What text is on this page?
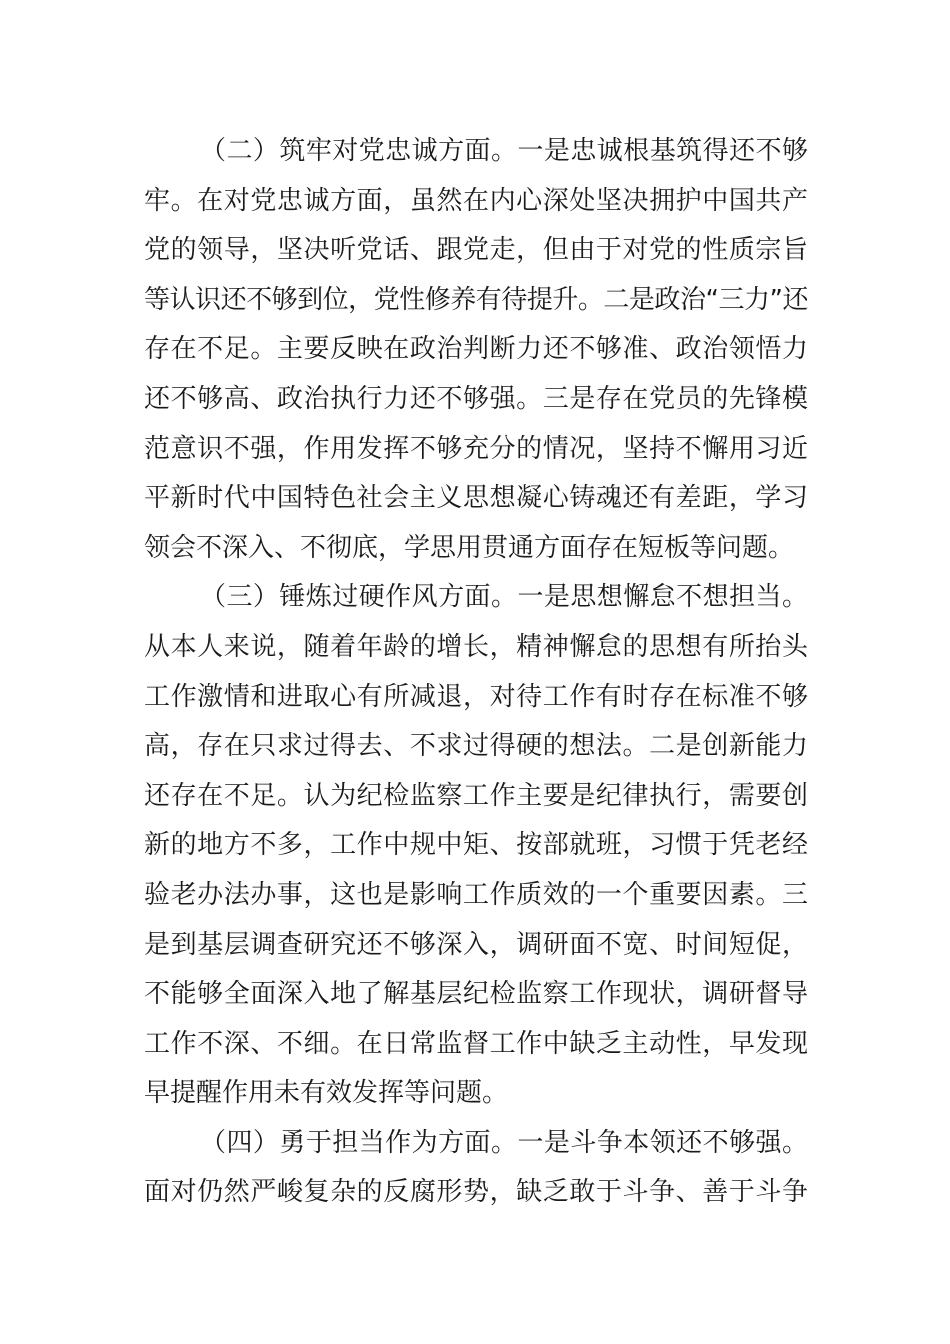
（二）筑牢对党忠诚方面。一是忠诚根基筑得还不够
牢。在对党忠诚方面，虽然在内心深处坚决拥护中国共产
党的领导，坚决听党话、跟党走，但由于对党的性质宗旨
等认识还不够到位，党性修养有待提升。二是政治“三力”还
存在不足。主要反映在政治判断力还不够准、政治领悟力
还不够高、政治执行力还不够强。三是存在党员的先锋模
范意识不强，作用发挥不够充分的情况，坚持不懈用习近
平新时代中国特色社会主义思想凝心铸魂还有差距，学习
领会不深入、不彻底，学思用贯通方面存在短板等问题。
（三）锤炼过硬作风方面。一是思想懈怠不想担当。
从本人来说，随着年龄的增长，精神懈怠的思想有所抬头
工作激情和进取心有所减退，对待工作有时存在标准不够
高，存在只求过得去、不求过得硬的想法。二是创新能力
还存在不足。认为纪检监察工作主要是纪律执行，需要创
新的地方不多，工作中规中矩、按部就班，习惯于凭老经
验老办法办事，这也是影响工作质效的一个重要因素。三
是到基层调查研究还不够深入，调研面不宽、时间短促，
不能够全面深入地了解基层纪检监察工作现状，调研督导
工作不深、不细。在日常监督工作中缺乏主动性，早发现
早提醒作用未有效发挥等问题。
（四）勇于担当作为方面。一是斗争本领还不够强。
面对仍然严峻复杂的反腐形势，缺乏敢于斗争、善于斗争
